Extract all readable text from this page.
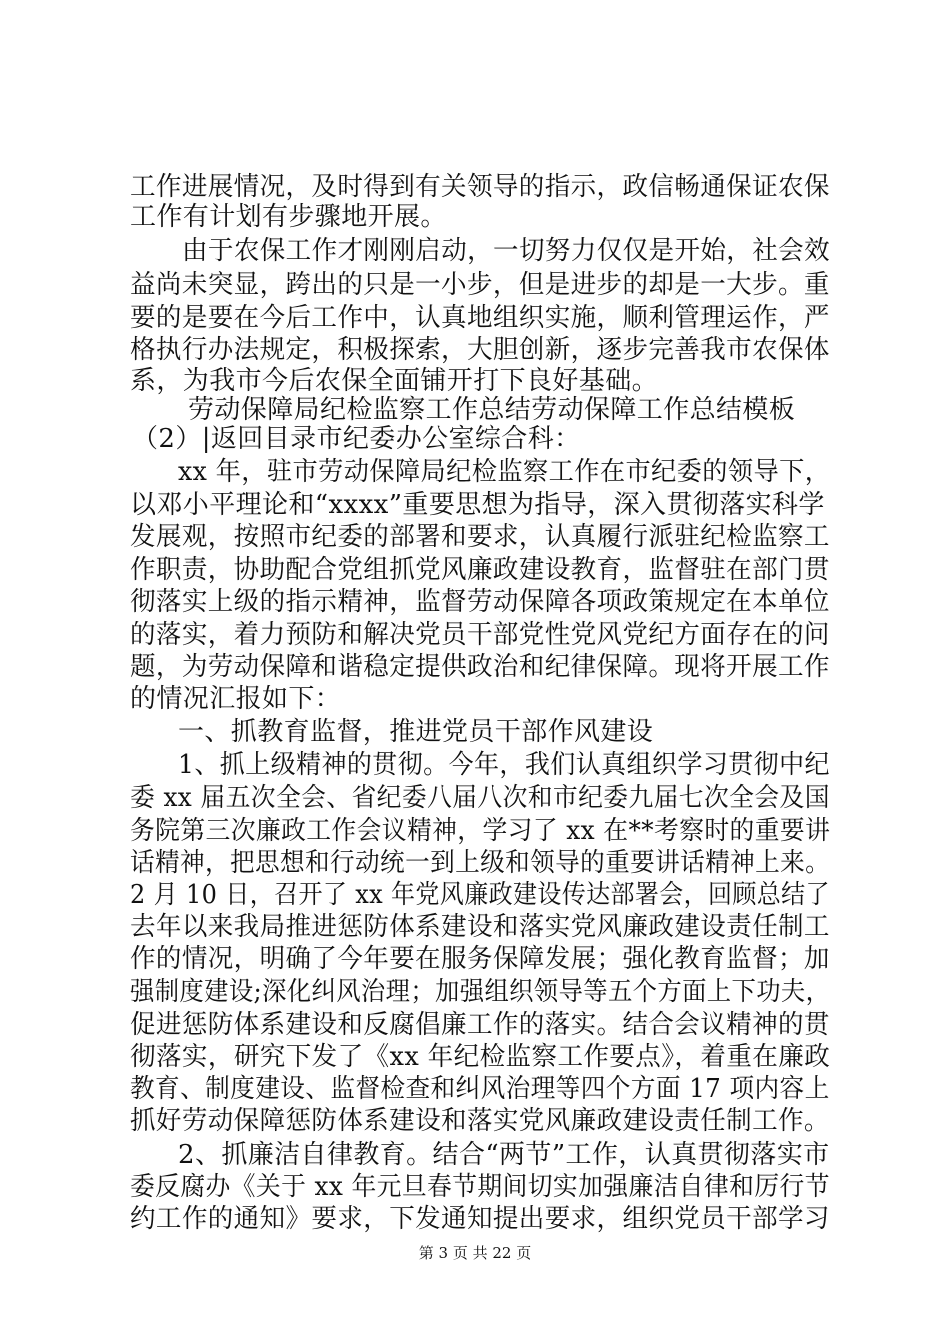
工作进展情况，及时得到有关领导的指示，政信畅通保证农保
工作有计划有步骤地开展。
由于农保工作才刚刚启动，一切努力仅仅是开始，社会效
益尚未突显，跨出的只是一小步，但是进步的却是一大步。重
要的是要在今后工作中，认真地组织实施，顺利管理运作，严
格执行办法规定，积极探索，大胆创新，逐步完善我市农保体
系，为我市今后农保全面铺开打下良好基础。
劳动保障局纪检监察工作总结劳动保障工作总结模板
（2）|返回目录市纪委办公室综合科：
xx 年，驻市劳动保障局纪检监察工作在市纪委的领导下，
以邓小平理论和“xxxx”重要思想为指导，深入贯彻落实科学
发展观，按照市纪委的部署和要求，认真履行派驻纪检监察工
作职责，协助配合党组抓党风廉政建设教育，监督驻在部门贯
彻落实上级的指示精神，监督劳动保障各项政策规定在本单位
的落实，着力预防和解决党员干部党性党风党纪方面存在的问
题，为劳动保障和谐稳定提供政治和纪律保障。现将开展工作
的情况汇报如下：
一、抓教育监督，推进党员干部作风建设
1、抓上级精神的贯彻。今年，我们认真组织学习贯彻中纪
委 xx 届五次全会、省纪委八届八次和市纪委九届七次全会及国
务院第三次廉政工作会议精神，学习了 xx 在**考察时的重要讲
话精神，把思想和行动统一到上级和领导的重要讲话精神上来。
2 月 10 日，召开了 xx 年党风廉政建设传达部署会，回顾总结了
去年以来我局推进惩防体系建设和落实党风廉政建设责任制工
作的情况，明确了今年要在服务保障发展；强化教育监督；加
强制度建设;深化纠风治理；加强组织领导等五个方面上下功夫，
促进惩防体系建设和反腐倡廉工作的落实。结合会议精神的贯
彻落实，研究下发了《xx 年纪检监察工作要点》，着重在廉政
教育、制度建设、监督检查和纠风治理等四个方面 17 项内容上
抓好劳动保障惩防体系建设和落实党风廉政建设责任制工作。
2、抓廉洁自律教育。结合“两节”工作，认真贯彻落实市
委反腐办《关于 xx 年元旦春节期间切实加强廉洁自律和厉行节
约工作的通知》要求，下发通知提出要求，组织党员干部学习
第 3 页 共 22 页
